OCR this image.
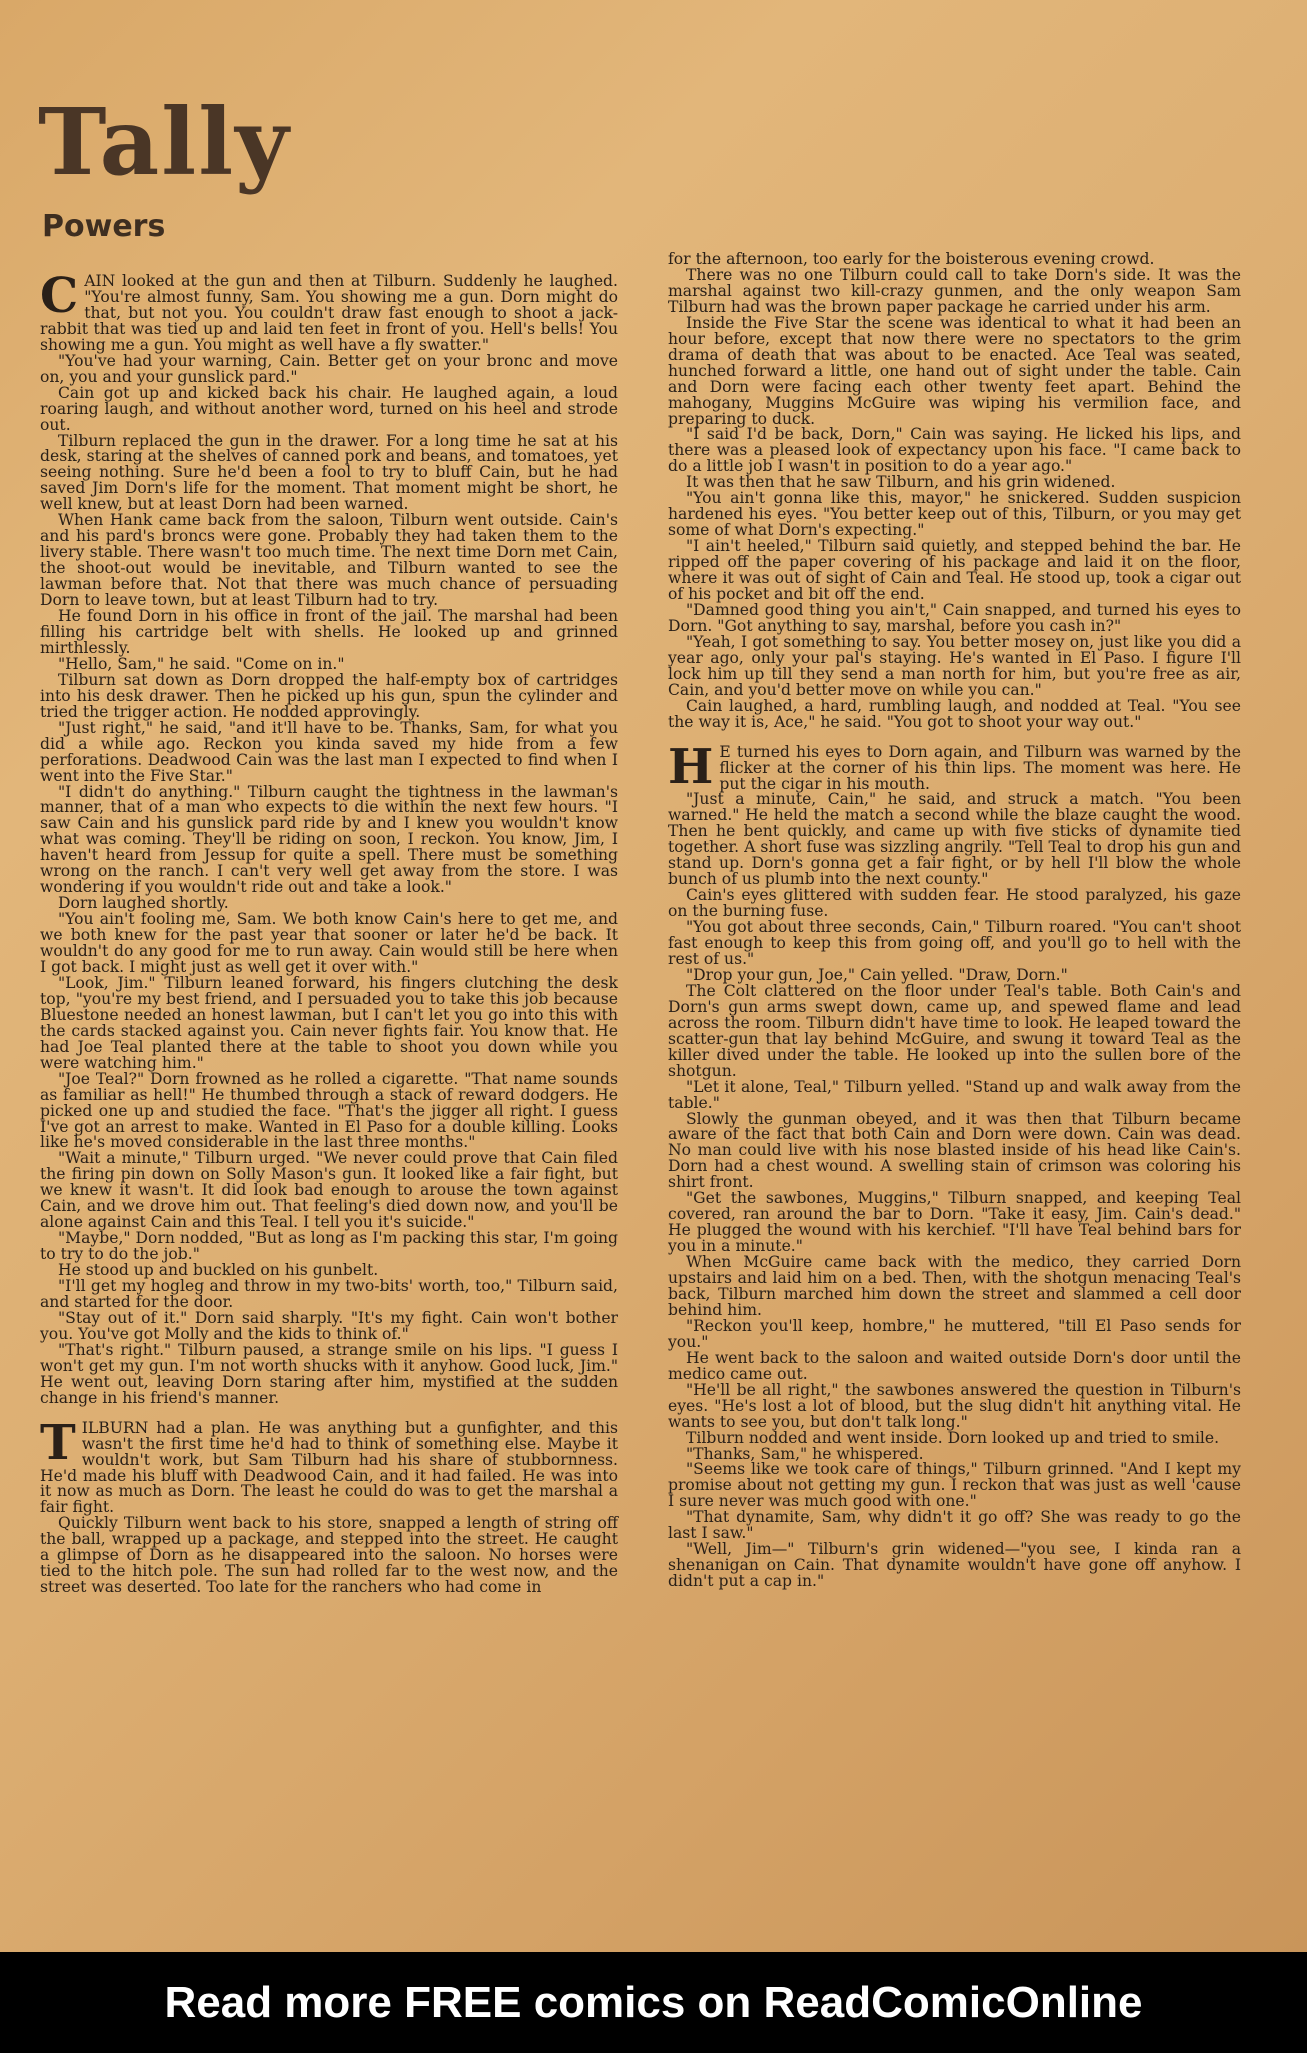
Tally
Powers

CAIN looked at the gun and then at Tilburn. Suddenly he laughed. "You're almost funny, Sam. You showing me a gun. Dorn might do that, but not you. You couldn't draw fast enough to shoot a jack-rabbit that was tied up and laid ten feet in front of you. Hell's bells! You showing me a gun. You might as well have a fly swatter."

"You've had your warning, Cain. Better get on your bronc and move on, you and your gunslick pard."

Cain got up and kicked back his chair. He laughed again, a loud roaring laugh, and without another word, turned on his heel and strode out.

Tilburn replaced the gun in the drawer. For a long time he sat at his desk, staring at the shelves of canned pork and beans, and tomatoes, yet seeing nothing. Sure he'd been a fool to try to bluff Cain, but he had saved Jim Dorn's life for the moment. That moment might be short, he well knew, but at least Dorn had been warned.

When Hank came back from the saloon, Tilburn went outside. Cain's and his pard's broncs were gone. Probably they had taken them to the livery stable. There wasn't too much time. The next time Dorn met Cain, the shoot-out would be inevitable, and Tilburn wanted to see the lawman before that. Not that there was much chance of persuading Dorn to leave town, but at least Tilburn had to try.

He found Dorn in his office in front of the jail. The marshal had been filling his cartridge belt with shells. He looked up and grinned mirthlessly.

"Hello, Sam," he said. "Come on in."

Tilburn sat down as Dorn dropped the half-empty box of cartridges into his desk drawer. Then he picked up his gun, spun the cylinder and tried the trigger action. He nodded approvingly.

"Just right," he said, "and it'll have to be. Thanks, Sam, for what you did a while ago. Reckon you kinda saved my hide from a few perforations. Deadwood Cain was the last man I expected to find when I went into the Five Star."

"I didn't do anything." Tilburn caught the tightness in the lawman's manner, that of a man who expects to die within the next few hours. "I saw Cain and his gunslick pard ride by and I knew you wouldn't know what was coming. They'll be riding on soon, I reckon. You know, Jim, I haven't heard from Jessup for quite a spell. There must be something wrong on the ranch. I can't very well get away from the store. I was wondering if you wouldn't ride out and take a look."

Dorn laughed shortly.

"You ain't fooling me, Sam. We both know Cain's here to get me, and we both knew for the past year that sooner or later he'd be back. It wouldn't do any good for me to run away. Cain would still be here when I got back. I might just as well get it over with."

"Look, Jim." Tilburn leaned forward, his fingers clutching the desk top, "you're my best friend, and I persuaded you to take this job because Bluestone needed an honest lawman, but I can't let you go into this with the cards stacked against you. Cain never fights fair. You know that. He had Joe Teal planted there at the table to shoot you down while you were watching him."

"Joe Teal?" Dorn frowned as he rolled a cigarette. "That name sounds as familiar as hell!" He thumbed through a stack of reward dodgers. He picked one up and studied the face. "That's the jigger all right. I guess I've got an arrest to make. Wanted in El Paso for a double killing. Looks like he's moved considerable in the last three months."

"Wait a minute," Tilburn urged. "We never could prove that Cain filed the firing pin down on Solly Mason's gun. It looked like a fair fight, but we knew it wasn't. It did look bad enough to arouse the town against Cain, and we drove him out. That feeling's died down now, and you'll be alone against Cain and this Teal. I tell you it's suicide."

"Maybe," Dorn nodded, "But as long as I'm packing this star, I'm going to try to do the job."

He stood up and buckled on his gunbelt.

"I'll get my hogleg and throw in my two-bits' worth, too," Tilburn said, and started for the door.

"Stay out of it." Dorn said sharply. "It's my fight. Cain won't bother you. You've got Molly and the kids to think of."

"That's right." Tilburn paused, a strange smile on his lips. "I guess I won't get my gun. I'm not worth shucks with it anyhow. Good luck, Jim." He went out, leaving Dorn staring after him, mystified at the sudden change in his friend's manner.

TILBURN had a plan. He was anything but a gunfighter, and this wasn't the first time he'd had to think of something else. Maybe it wouldn't work, but Sam Tilburn had his share of stubbornness. He'd made his bluff with Deadwood Cain, and it had failed. He was into it now as much as Dorn. The least he could do was to get the marshal a fair fight.

Quickly Tilburn went back to his store, snapped a length of string off the ball, wrapped up a package, and stepped into the street. He caught a glimpse of Dorn as he disappeared into the saloon. No horses were tied to the hitch pole. The sun had rolled far to the west now, and the street was deserted. Too late for the ranchers who had come in

for the afternoon, too early for the boisterous evening crowd.

There was no one Tilburn could call to take Dorn's side. It was the marshal against two kill-crazy gunmen, and the only weapon Sam Tilburn had was the brown paper package he carried under his arm.

Inside the Five Star the scene was identical to what it had been an hour before, except that now there were no spectators to the grim drama of death that was about to be enacted. Ace Teal was seated, hunched forward a little, one hand out of sight under the table. Cain and Dorn were facing each other twenty feet apart. Behind the mahogany, Muggins McGuire was wiping his vermilion face, and preparing to duck.

"I said I'd be back, Dorn," Cain was saying. He licked his lips, and there was a pleased look of expectancy upon his face. "I came back to do a little job I wasn't in position to do a year ago."

It was then that he saw Tilburn, and his grin widened.

"You ain't gonna like this, mayor," he snickered. Sudden suspicion hardened his eyes. "You better keep out of this, Tilburn, or you may get some of what Dorn's expecting."

"I ain't heeled," Tilburn said quietly, and stepped behind the bar. He ripped off the paper covering of his package and laid it on the floor, where it was out of sight of Cain and Teal. He stood up, took a cigar out of his pocket and bit off the end.

"Damned good thing you ain't," Cain snapped, and turned his eyes to Dorn. "Got anything to say, marshal, before you cash in?"

"Yeah, I got something to say. You better mosey on, just like you did a year ago, only your pal's staying. He's wanted in El Paso. I figure I'll lock him up till they send a man north for him, but you're free as air, Cain, and you'd better move on while you can."

Cain laughed, a hard, rumbling laugh, and nodded at Teal. "You see the way it is, Ace," he said. "You got to shoot your way out."

H E turned his eyes to Dorn again, and Tilburn was warned by the flicker at the corner of his thin lips. The moment was here. He put the cigar in his mouth.

"Just a minute, Cain," he said, and struck a match. "You been warned." He held the match a second while the blaze caught the wood. Then he bent quickly, and came up with five sticks of dynamite tied together. A short fuse was sizzling angrily. "Tell Teal to drop his gun and stand up. Dorn's gonna get a fair fight, or by hell I'll blow the whole bunch of us plumb into the next county."

Cain's eyes glittered with sudden fear. He stood paralyzed, his gaze on the burning fuse.

"You got about three seconds, Cain," Tilburn roared. "You can't shoot fast enough to keep this from going off, and you'll go to hell with the rest of us."

"Drop your gun, Joe," Cain yelled. "Draw, Dorn."

The Colt clattered on the floor under Teal's table. Both Cain's and Dorn's gun arms swept down, came up, and spewed flame and lead across the room. Tilburn didn't have time to look. He leaped toward the scatter-gun that lay behind McGuire, and swung it toward Teal as the killer dived under the table. He looked up into the sullen bore of the shotgun.

"Let it alone, Teal," Tilburn yelled. "Stand up and walk away from the table."

Slowly the gunman obeyed, and it was then that Tilburn became aware of the fact that both Cain and Dorn were down. Cain was dead. No man could live with his nose blasted inside of his head like Cain's. Dorn had a chest wound. A swelling stain of crimson was coloring his shirt front.

"Get the sawbones, Muggins," Tilburn snapped, and keeping Teal covered, ran around the bar to Dorn. "Take it easy, Jim. Cain's dead." He plugged the wound with his kerchief. "I'll have Teal behind bars for you in a minute."

When McGuire came back with the medico, they carried Dorn upstairs and laid him on a bed. Then, with the shotgun menacing Teal's back, Tilburn marched him down the street and slammed a cell door behind him.

"Reckon you'll keep, hombre," he muttered, "till El Paso sends for you."

He went back to the saloon and waited outside Dorn's door until the medico came out.

"He'll be all right," the sawbones answered the question in Tilburn's eyes. "He's lost a lot of blood, but the slug didn't hit anything vital. He wants to see you, but don't talk long."

Tilburn nodded and went inside. Dorn looked up and tried to smile.

"Thanks, Sam," he whispered.

"Seems like we took care of things," Tilburn grinned. "And I kept my promise about not getting my gun. I reckon that was just as well 'cause I sure never was much good with one."

"That dynamite, Sam, why didn't it go off? She was ready to go the last I saw."

"Well, Jim—" Tilburn's grin widened—"you see, I kinda ran a shenanigan on Cain. That dynamite wouldn't have gone off anyhow. I didn't put a cap in."

Read more FREE comics on ReadComicOnline
